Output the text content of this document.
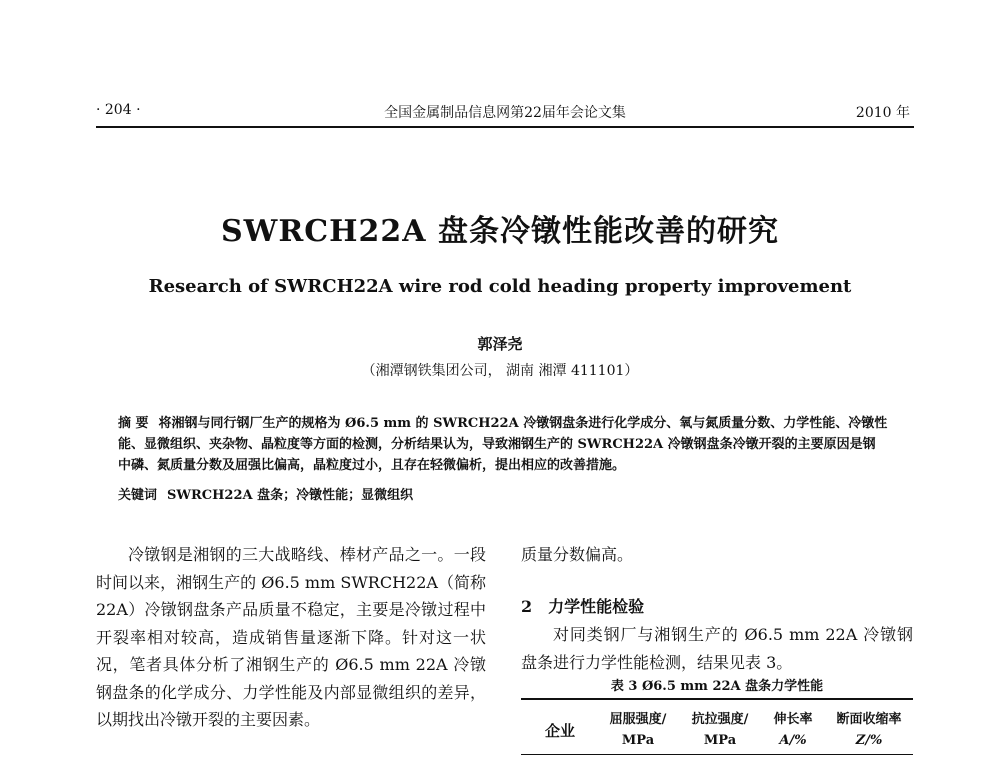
· 204 ·	全国金属制品信息网第22届年会论文集	2010 年
SWRCH22A 盘条冷镦性能改善的研究
Research of SWRCH22A wire rod cold heading property improvement
郭泽尧
（湘潭钢铁集团公司， 湖南 湘潭 411101）
摘 要 将湘钢与同行钢厂生产的规格为 Ø6.5 mm 的 SWRCH22A 冷镦钢盘条进行化学成分、氧与氮质量分数、力学性能、冷镦性能、显微组织、夹杂物、晶粒度等方面的检测，分析结果认为，导致湘钢生产的 SWRCH22A 冷镦钢盘条冷镦开裂的主要原因是钢中磷、氮质量分数及屈强比偏高，晶粒度过小，且存在轻微偏析，提出相应的改善措施。
关键词 SWRCH22A 盘条；冷镦性能；显微组织
冷镦钢是湘钢的三大战略线、棒材产品之一。一段时间以来，湘钢生产的 Ø6.5 mm SWRCH22A（简称 22A）冷镦钢盘条产品质量不稳定，主要是冷镦过程中开裂率相对较高，造成销售量逐渐下降。针对这一状况，笔者具体分析了湘钢生产的 Ø6.5 mm 22A 冷镦钢盘条的化学成分、力学性能及内部显微组织的差异，以期找出冷镦开裂的主要因素。
质量分数偏高。
2 力学性能检验
对同类钢厂与湘钢生产的 Ø6.5 mm 22A 冷镦钢盘条进行力学性能检测，结果见表 3。
表 3 Ø6.5 mm 22A 盘条力学性能
企业
屈服强度/
MPa
抗拉强度/
MPa
伸长率
A/%
断面收缩率
Z/%
